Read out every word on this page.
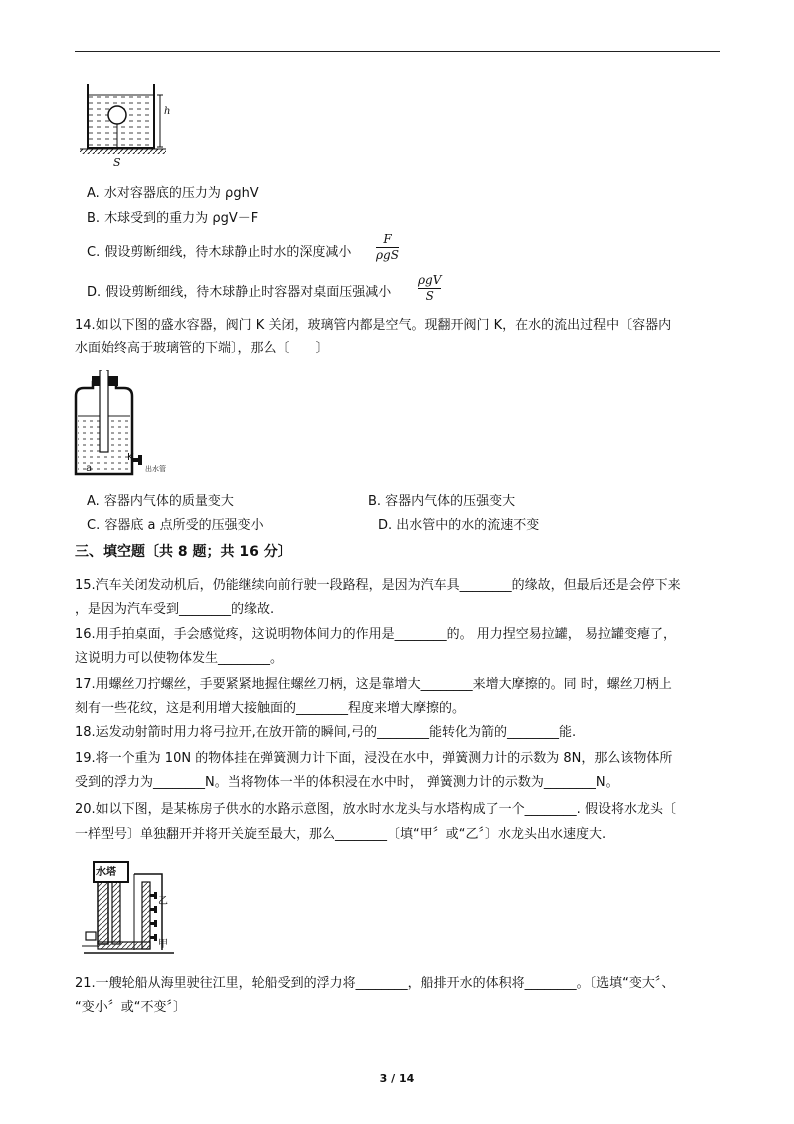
h
S
A. 水对容器底的压力为 ρghV
B. 木球受到的重力为 ρgV－F
C. 假设剪断细线，待木球静止时水的深度减小
F
ρgS
D. 假设剪断细线，待木球静止时容器对桌面压强减小
ρgV
S
14.如以下图的盛水容器，阀门 K 关闭，玻璃管内都是空气。现翻开阀门 K，在水的流出过程中〔容器内
水面始终高于玻璃管的下端〕，那么〔　　〕
K
a	出水管
A. 容器内气体的质量变大	B. 容器内气体的压强变大
C. 容器底 a 点所受的压强变小	D. 出水管中的水的流速不变
三、填空题〔共 8 题；共 16 分〕
15.汽车关闭发动机后，仍能继续向前行驶一段路程，是因为汽车具________的缘故，但最后还是会停下来
，是因为汽车受到________的缘故.
16.用手拍桌面，手会感觉疼，这说明物体间力的作用是________的。 用力捏空易拉罐， 易拉罐变瘪了，
这说明力可以使物体发生________。
17.用螺丝刀拧螺丝，手要紧紧地握住螺丝刀柄，这是靠增大________来增大摩擦的。同 时，螺丝刀柄上
刻有一些花纹，这是利用增大接触面的________程度来增大摩擦的。
18.运发动射箭时用力将弓拉开,在放开箭的瞬间,弓的________能转化为箭的________能.
19.将一个重为 10N 的物体挂在弹簧测力计下面，浸没在水中，弹簧测力计的示数为 8N，那么该物体所
受到的浮力为________N。当将物体一半的体积浸在水中时， 弹簧测力计的示数为________N。
20.如以下图，是某栋房子供水的水路示意图，放水时水龙头与水塔构成了一个________. 假设将水龙头〔
一样型号〕单独翻开并将开关旋至最大，那么________〔填“甲〞或“乙〞〕水龙头出水速度大.
水塔
乙
甲
21.一艘轮船从海里驶往江里，轮船受到的浮力将________，船排开水的体积将________。〔选填“变大〞、
“变小〞或“不变〞〕
3 / 14
